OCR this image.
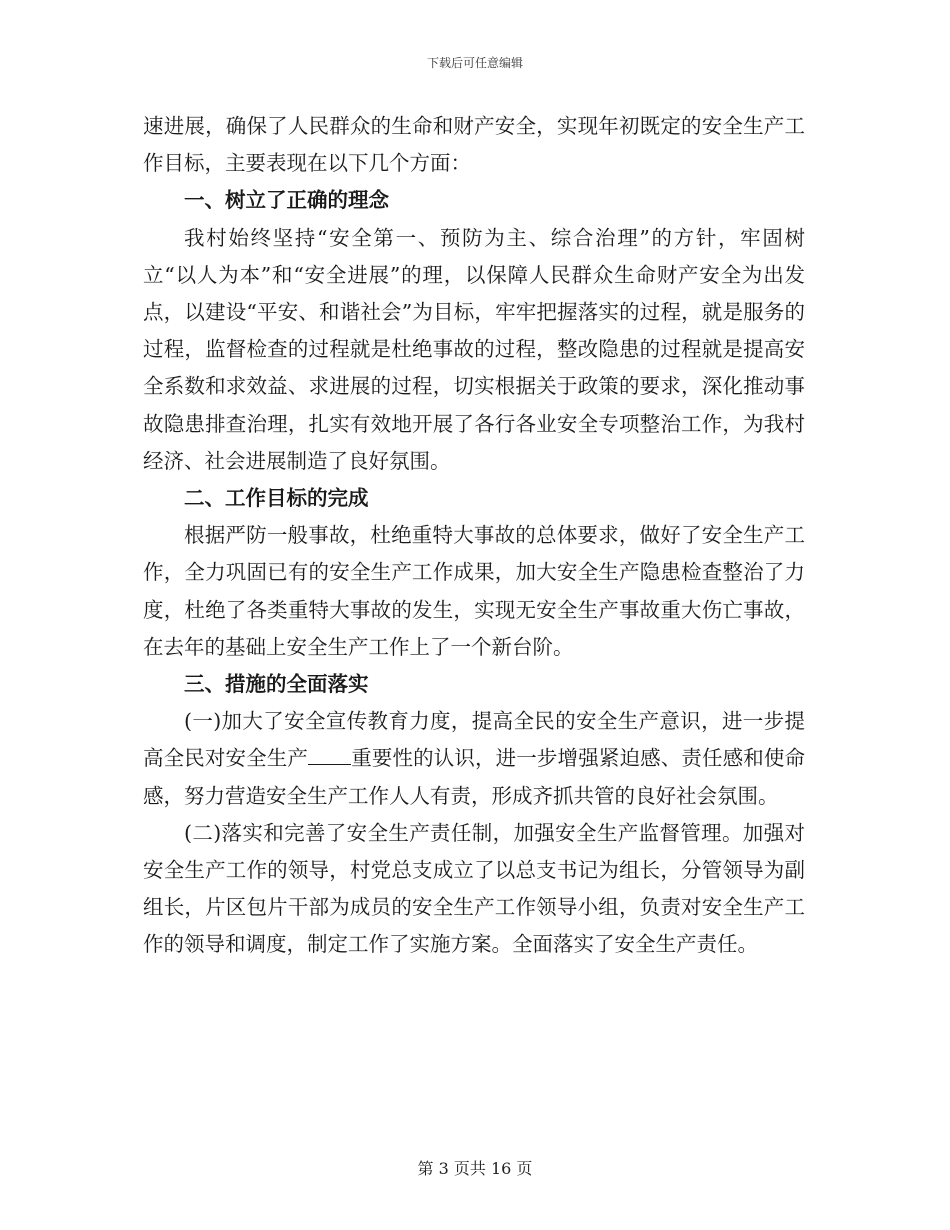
下载后可任意编辑

速进展，确保了人民群众的生命和财产安全，实现年初既定的安全生产工作目标，主要表现在以下几个方面：

一、树立了正确的理念

我村始终坚持“安全第一、预防为主、综合治理”的方针，牢固树立“以人为本”和“安全进展”的理，以保障人民群众生命财产安全为出发点，以建设“平安、和谐社会”为目标，牢牢把握落实的过程，就是服务的过程，监督检查的过程就是杜绝事故的过程，整改隐患的过程就是提高安全系数和求效益、求进展的过程，切实根据关于政策的要求，深化推动事故隐患排查治理，扎实有效地开展了各行各业安全专项整治工作，为我村经济、社会进展制造了良好氛围。

二、工作目标的完成

根据严防一般事故，杜绝重特大事故的总体要求，做好了安全生产工作，全力巩固已有的安全生产工作成果，加大安全生产隐患检查整治了力度，杜绝了各类重特大事故的发生，实现无安全生产事故重大伤亡事故，在去年的基础上安全生产工作上了一个新台阶。

三、措施的全面落实

(一)加大了安全宣传教育力度，提高全民的安全生产意识，进一步提高全民对安全生产 重要性的认识，进一步增强紧迫感、责任感和使命感，努力营造安全生产工作人人有责，形成齐抓共管的良好社会氛围。

(二)落实和完善了安全生产责任制，加强安全生产监督管理。加强对安全生产工作的领导，村党总支成立了以总支书记为组长，分管领导为副组长，片区包片干部为成员的安全生产工作领导小组，负责对安全生产工作的领导和调度，制定工作了实施方案。全面落实了安全生产责任。

第 3 页共 16 页
